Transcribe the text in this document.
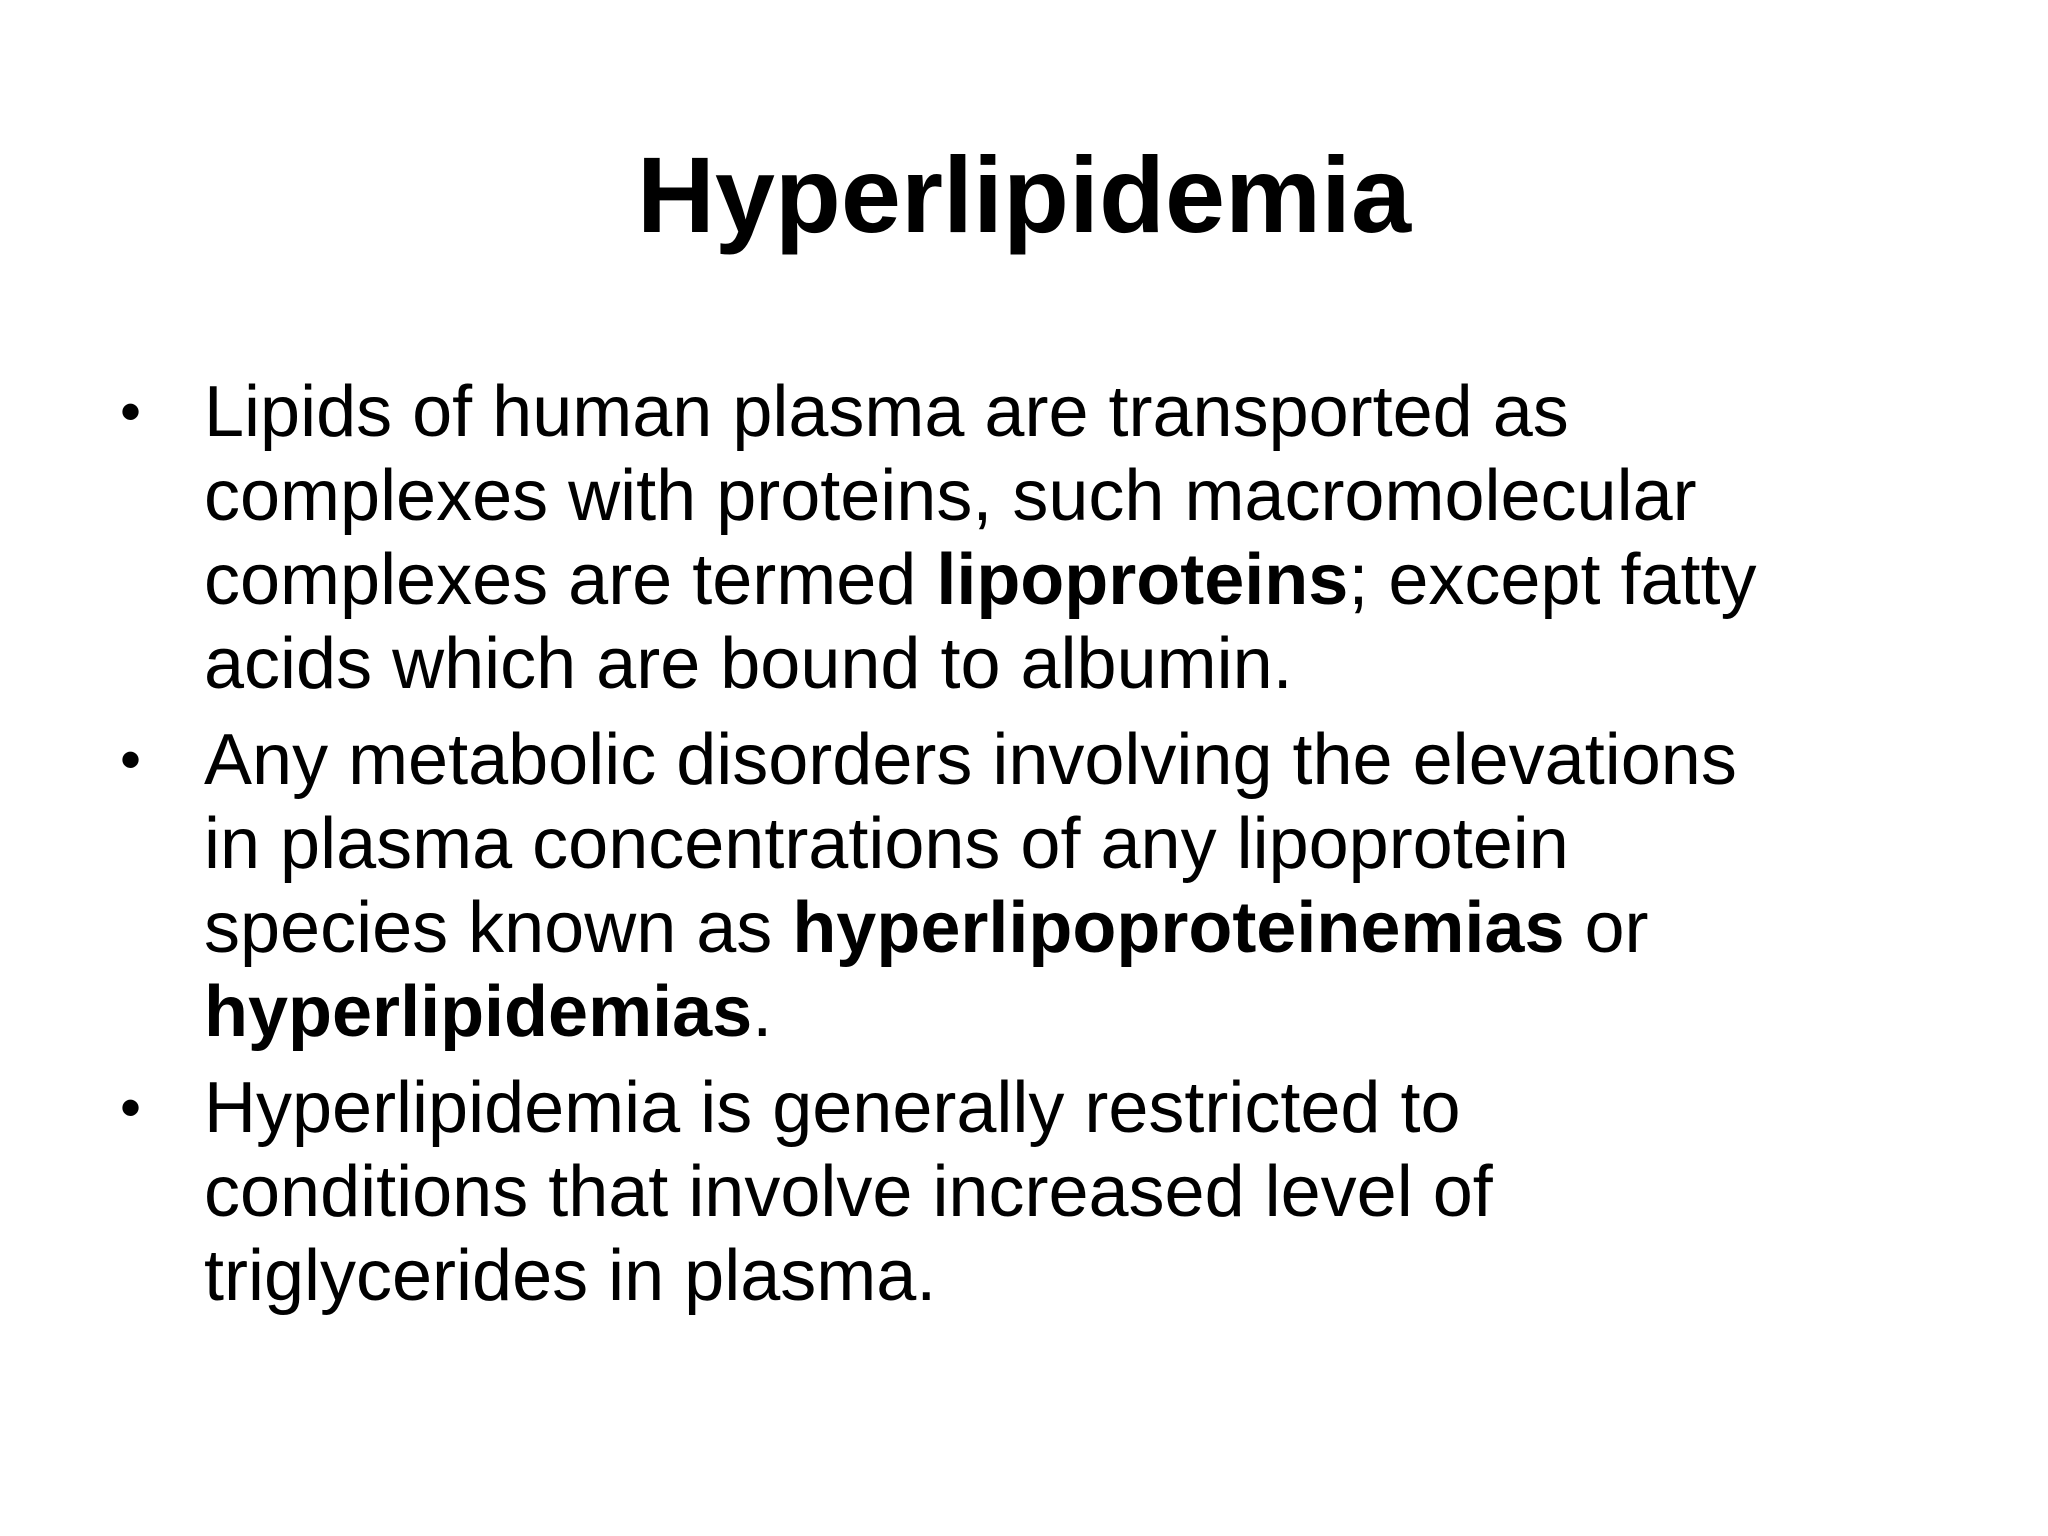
Hyperlipidemia
• Lipids of human plasma are transported as
complexes with proteins, such macromolecular
complexes are termed lipoproteins; except fatty
acids which are bound to albumin.
• Any metabolic disorders involving the elevations
in plasma concentrations of any lipoprotein
species known as hyperlipoproteinemias or
hyperlipidemias.
• Hyperlipidemia is generally restricted to
conditions that involve increased level of
triglycerides in plasma.
